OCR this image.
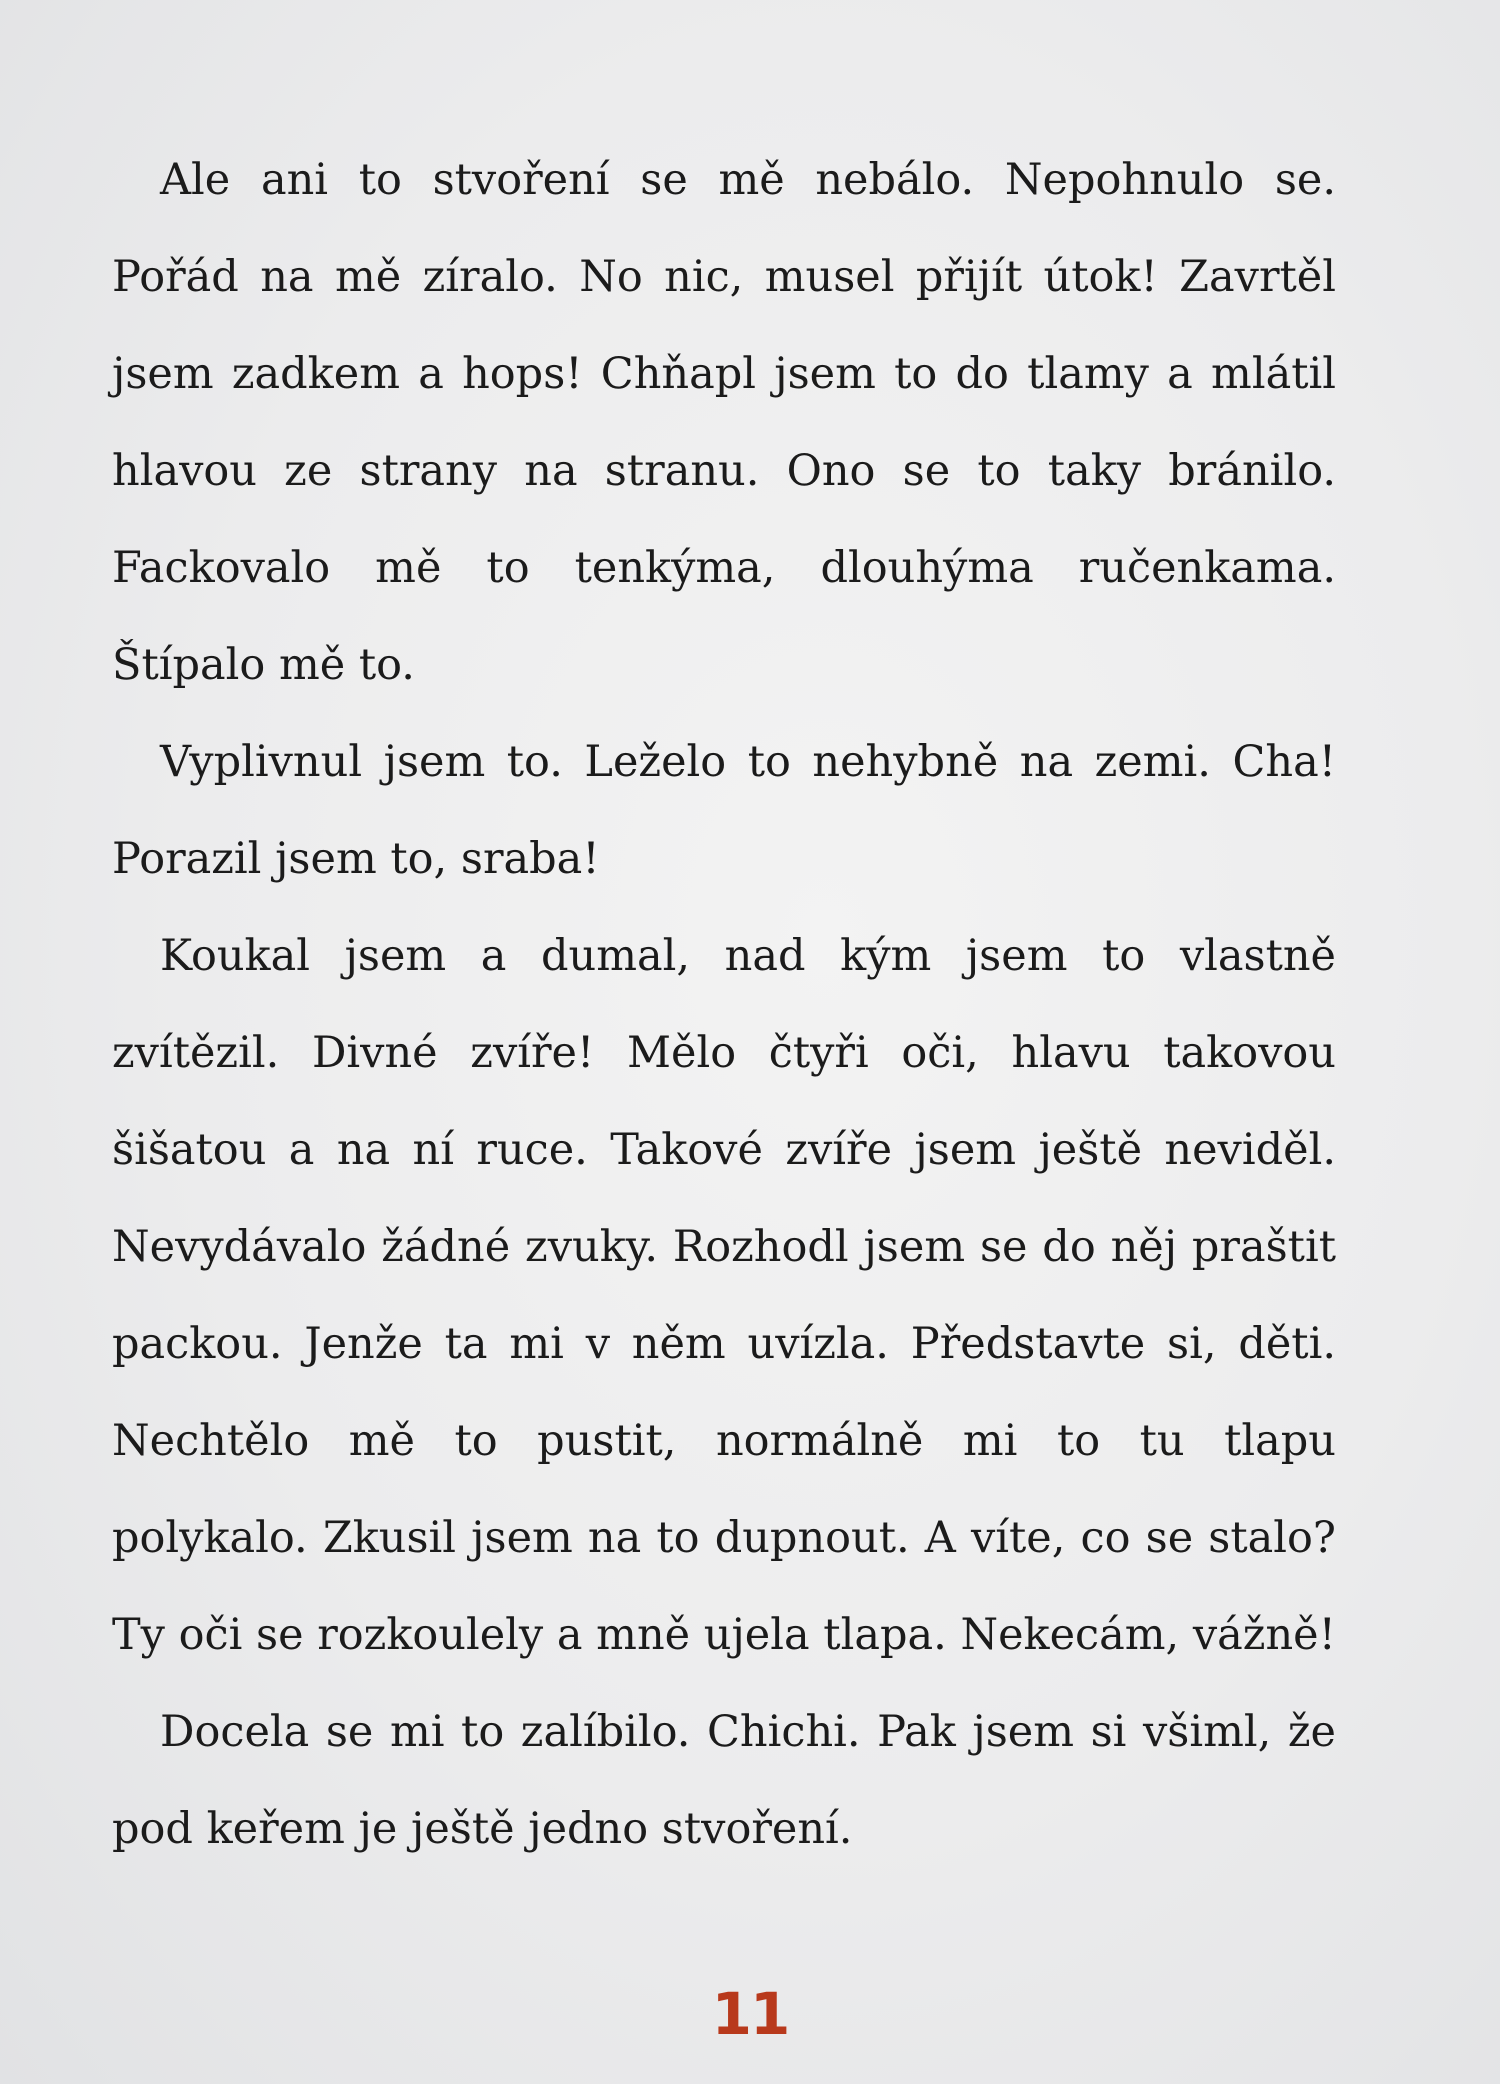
Ale ani to stvoření se mě nebálo. Nepohnulo se. Pořád na mě zíralo. No nic, musel přijít útok! Zavrtěl jsem zadkem a hops! Chňapl jsem to do tlamy a mlátil hlavou ze strany na stranu. Ono se to taky bránilo. Fackovalo mě to tenkýma, dlouhýma ručenkama. Štípalo mě to.

Vyplivnul jsem to. Leželo to nehybně na zemi. Cha! Porazil jsem to, sraba!

Koukal jsem a dumal, nad kým jsem to vlastně zvítězil. Divné zvíře! Mělo čtyři oči, hlavu takovou šišatou a na ní ruce. Takové zvíře jsem ještě neviděl. Nevydávalo žádné zvuky. Rozhodl jsem se do něj praštit packou. Jenže ta mi v něm uvízla. Představte si, děti. Nechtělo mě to pustit, normálně mi to tu tlapu polykalo. Zkusil jsem na to dupnout. A víte, co se stalo? Ty oči se rozkoulely a mně ujela tlapa. Nekecám, vážně!

Docela se mi to zalíbilo. Chichi. Pak jsem si všiml, že pod keřem je ještě jedno stvoření.

11
